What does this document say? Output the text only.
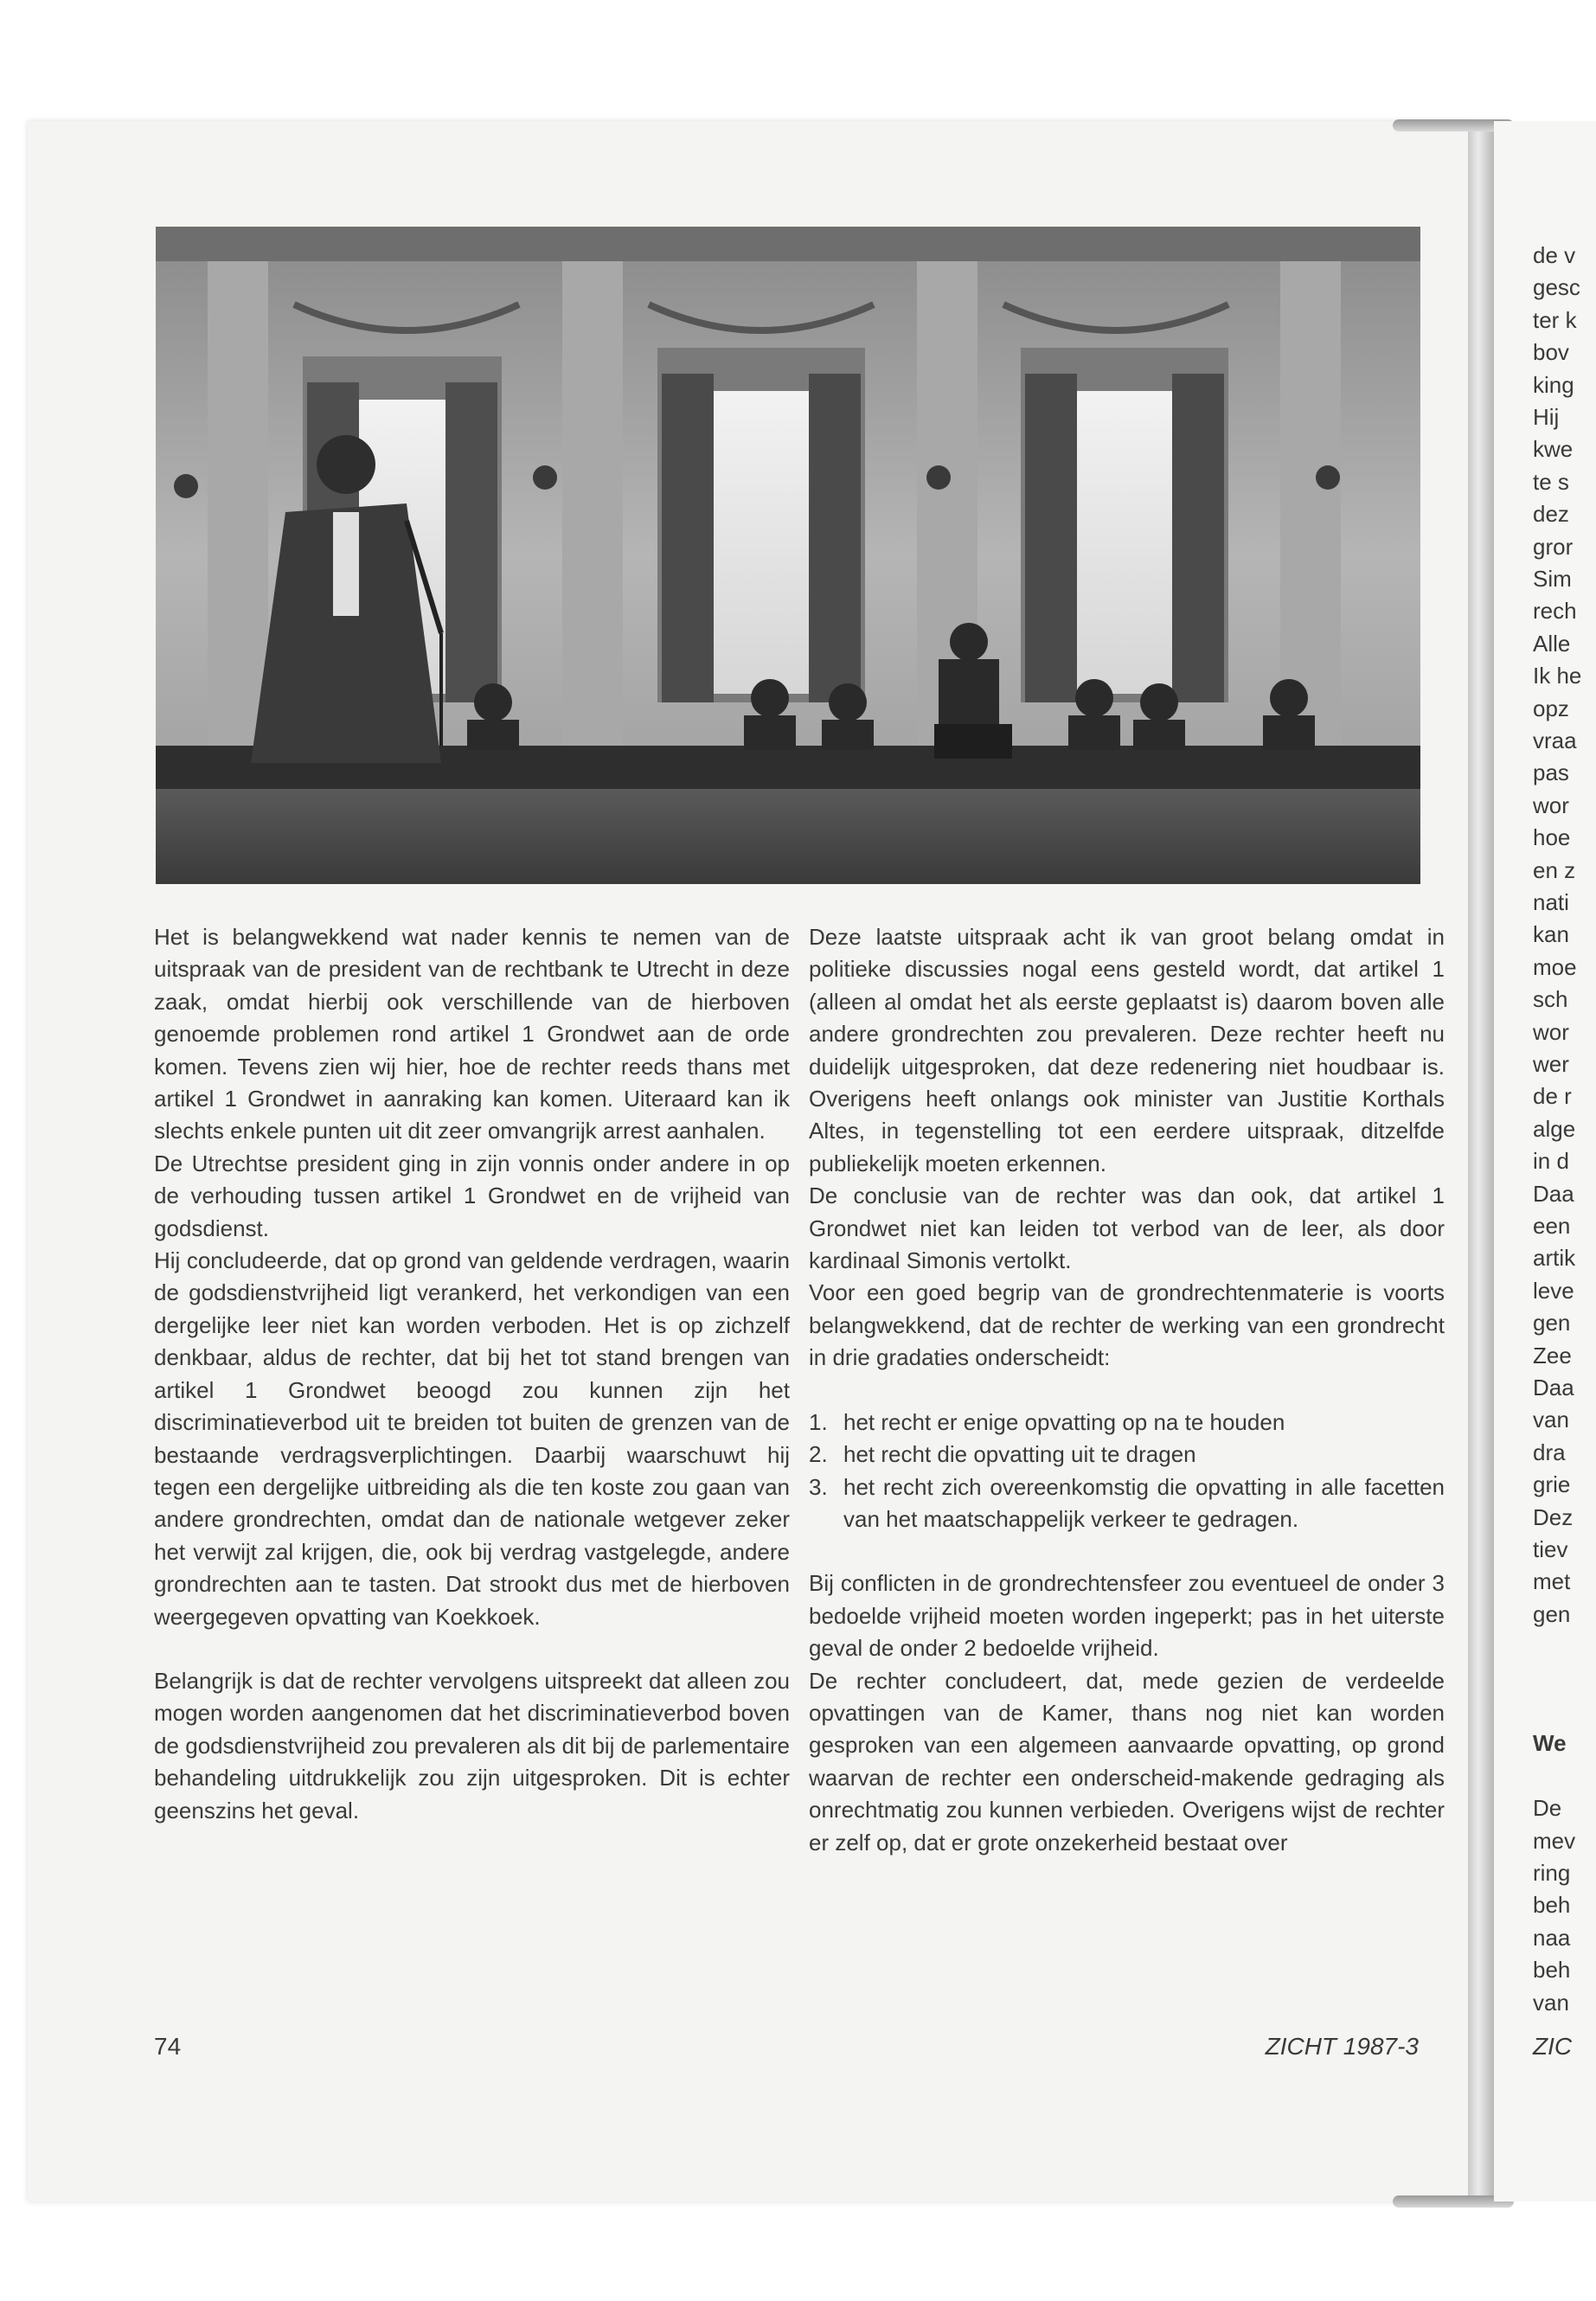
Het is belangwekkend wat nader kennis te nemen van de uitspraak van de president van de rechtbank te Utrecht in deze zaak, omdat hierbij ook verschillende van de hierboven genoemde problemen rond artikel 1 Grondwet aan de orde komen. Tevens zien wij hier, hoe de rechter reeds thans met artikel 1 Grondwet in aanraking kan komen. Uiteraard kan ik slechts enkele punten uit dit zeer omvangrijk arrest aanhalen.

De Utrechtse president ging in zijn vonnis onder andere in op de verhouding tussen artikel 1 Grondwet en de vrijheid van godsdienst.

Hij concludeerde, dat op grond van geldende verdragen, waarin de godsdienstvrijheid ligt verankerd, het verkondigen van een dergelijke leer niet kan worden verboden. Het is op zichzelf denkbaar, aldus de rechter, dat bij het tot stand brengen van artikel 1 Grondwet beoogd zou kunnen zijn het discriminatieverbod uit te breiden tot buiten de grenzen van de bestaande verdragsverplichtingen. Daarbij waarschuwt hij tegen een dergelijke uitbreiding als die ten koste zou gaan van andere grondrechten, omdat dan de nationale wetgever zeker het verwijt zal krijgen, die, ook bij verdrag vastgelegde, andere grondrechten aan te tasten. Dat strookt dus met de hierboven weergegeven opvatting van Koekkoek.

Belangrijk is dat de rechter vervolgens uitspreekt dat alleen zou mogen worden aangenomen dat het discriminatieverbod boven de godsdienstvrijheid zou prevaleren als dit bij de parlementaire behandeling uitdrukkelijk zou zijn uitgesproken. Dit is echter geenszins het geval.

Deze laatste uitspraak acht ik van groot belang omdat in politieke discussies nogal eens gesteld wordt, dat artikel 1 (alleen al omdat het als eerste geplaatst is) daarom boven alle andere grondrechten zou prevaleren. Deze rechter heeft nu duidelijk uitgesproken, dat deze redenering niet houdbaar is. Overigens heeft onlangs ook minister van Justitie Korthals Altes, in tegenstelling tot een eerdere uitspraak, ditzelfde publiekelijk moeten erkennen.

De conclusie van de rechter was dan ook, dat artikel 1 Grondwet niet kan leiden tot verbod van de leer, als door kardinaal Simonis vertolkt.

Voor een goed begrip van de grondrechtenmaterie is voorts belangwekkend, dat de rechter de werking van een grondrecht in drie gradaties onderscheidt:

1. het recht er enige opvatting op na te houden
2. het recht die opvatting uit te dragen
3. het recht zich overeenkomstig die opvatting in alle facetten van het maatschappelijk verkeer te gedragen.

Bij conflicten in de grondrechtensfeer zou eventueel de onder 3 bedoelde vrijheid moeten worden ingeperkt; pas in het uiterste geval de onder 2 bedoelde vrijheid.

De rechter concludeert, dat, mede gezien de verdeelde opvattingen van de Kamer, thans nog niet kan worden gesproken van een algemeen aanvaarde opvatting, op grond waarvan de rechter een onderscheid-makende gedraging als onrechtmatig zou kunnen verbieden. Overigens wijst de rechter er zelf op, dat er grote onzekerheid bestaat over

74	ZICHT 1987-3
de v
gesc
ter k
bov
king
Hij
kwe
te s
dez
gror
Sim
rech
Alle
Ik he
opz
vraa
pas
wor
hoe
en z
nati
kan
moe
sch
wor
wer
de r
alge
in d
Daa
een
artik
leve
gen
Zee
Daa
van
dra
grie
Dez
tiev
met
gen
We
De
mev
ring
beh
naa
beh
van
ZIC
